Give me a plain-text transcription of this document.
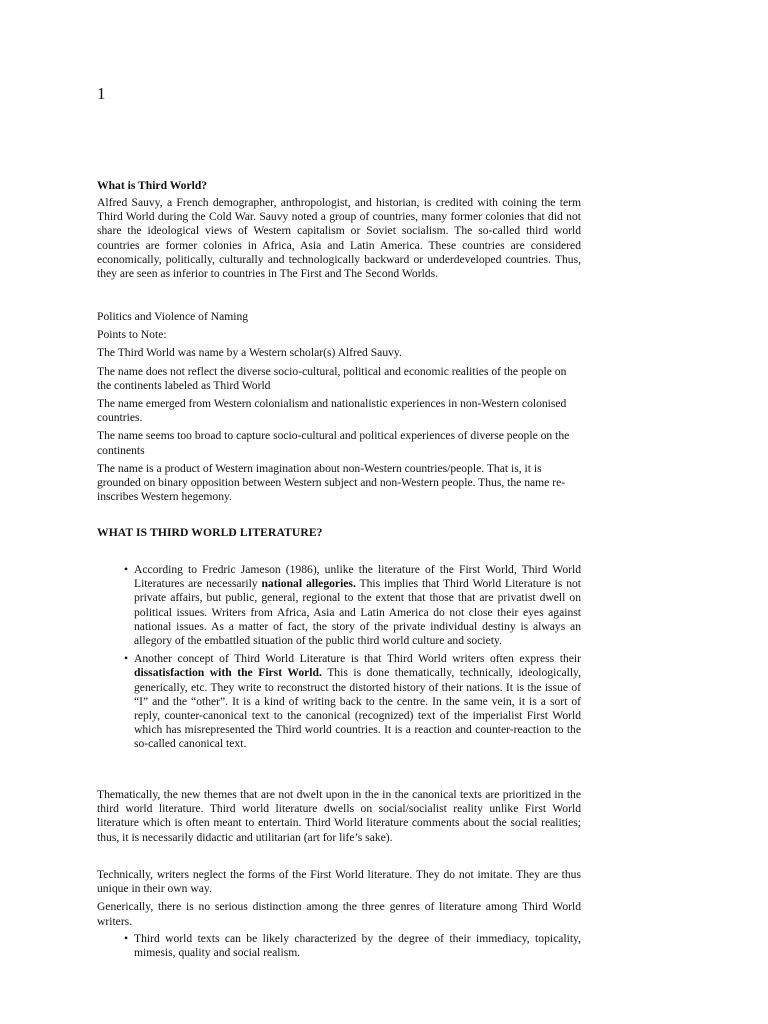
1

What is Third World?

Alfred Sauvy, a French demographer, anthropologist, and historian, is credited with coining the term Third World during the Cold War. Sauvy noted a group of countries, many former colonies that did not share the ideological views of Western capitalism or Soviet socialism. The so-called third world countries are former colonies in Africa, Asia and Latin America. These countries are considered economically, politically, culturally and technologically backward or underdeveloped countries. Thus, they are seen as inferior to countries in The First and The Second Worlds.

Politics and Violence of Naming

Points to Note:

The Third World was name by a Western scholar(s) Alfred Sauvy.

The name does not reflect the diverse socio-cultural, political and economic realities of the people on the continents labeled as Third World

The name emerged from Western colonialism and nationalistic experiences in non-Western colonised countries.

The name seems too broad to capture socio-cultural and political experiences of diverse people on the continents

The name is a product of Western imagination about non-Western countries/people. That is, it is grounded on binary opposition between Western subject and non-Western people. Thus, the name re-inscribes Western hegemony.

WHAT IS THIRD WORLD LITERATURE?

• According to Fredric Jameson (1986), unlike the literature of the First World, Third World Literatures are necessarily national allegories. This implies that Third World Literature is not private affairs, but public, general, regional to the extent that those that are privatist dwell on political issues. Writers from Africa, Asia and Latin America do not close their eyes against national issues. As a matter of fact, the story of the private individual destiny is always an allegory of the embattled situation of the public third world culture and society.

• Another concept of Third World Literature is that Third World writers often express their dissatisfaction with the First World. This is done thematically, technically, ideologically, generically, etc. They write to reconstruct the distorted history of their nations. It is the issue of “I” and the “other”. It is a kind of writing back to the centre. In the same vein, it is a sort of reply, counter-canonical text to the canonical (recognized) text of the imperialist First World which has misrepresented the Third world countries. It is a reaction and counter-reaction to the so-called canonical text.

Thematically, the new themes that are not dwelt upon in the in the canonical texts are prioritized in the third world literature. Third world literature dwells on social/socialist reality unlike First World literature which is often meant to entertain. Third World literature comments about the social realities; thus, it is necessarily didactic and utilitarian (art for life’s sake).

Technically, writers neglect the forms of the First World literature. They do not imitate. They are thus unique in their own way.

Generically, there is no serious distinction among the three genres of literature among Third World writers.

• Third world texts can be likely characterized by the degree of their immediacy, topicality, mimesis, quality and social realism.
